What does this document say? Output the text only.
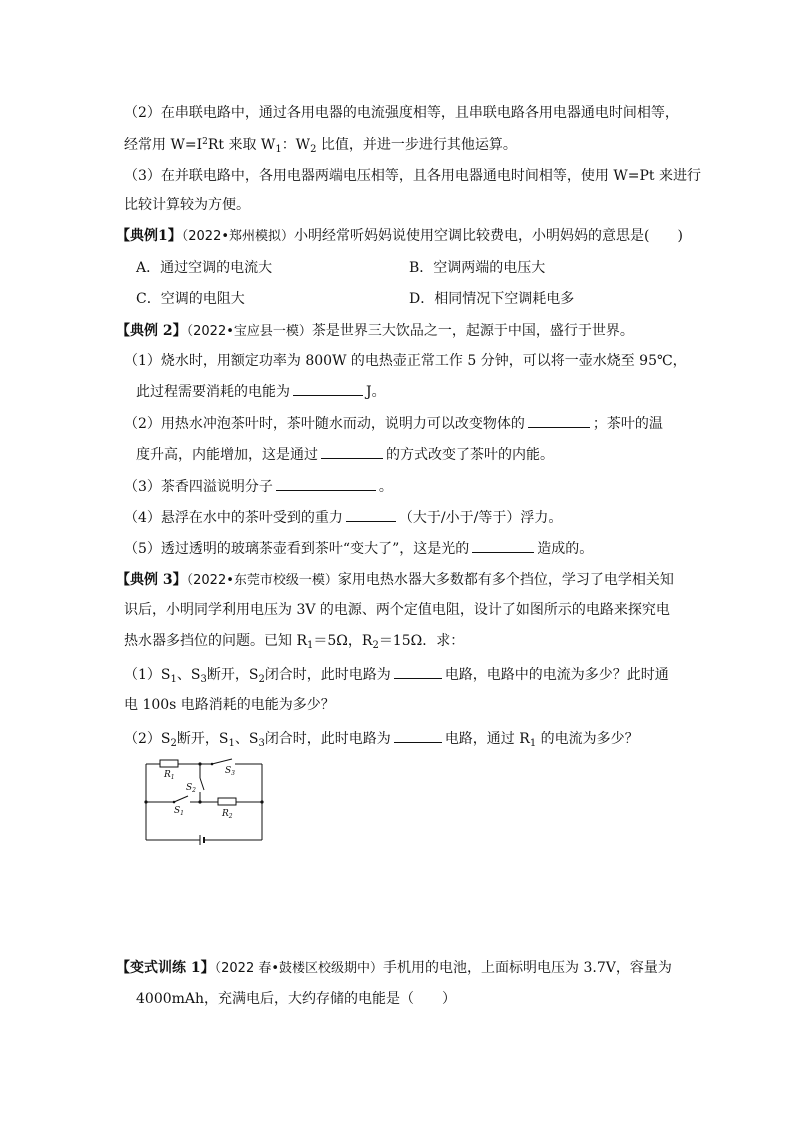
（2）在串联电路中，通过各用电器的电流强度相等，且串联电路各用电器通电时间相等，
经常用 $W=I^2Rt$ 来取 $W_1$：$W_2$ 比值，并进一步进行其他运算。
（3）在并联电路中，各用电器两端电压相等，且各用电器通电时间相等，使用 W=Pt 来进行
比较计算较为方便。
【典例1】（2022•郑州模拟）小明经常听妈妈说使用空调比较费电，小明妈妈的意思是(　　)
A．通过空调的电流大	B．空调两端的电压大
C．空调的电阻大	D．相同情况下空调耗电多
【典例 2】（2022•宝应县一模）茶是世界三大饮品之一，起源于中国，盛行于世界。
（1）烧水时，用额定功率为 800W 的电热壶正常工作 5 分钟，可以将一壶水烧至 95℃，
此过程需要消耗的电能为	J。
（2）用热水冲泡茶叶时，茶叶随水而动，说明力可以改变物体的	；茶叶的温
度升高，内能增加，这是通过	的方式改变了茶叶的内能。
（3）茶香四溢说明分子	。
（4）悬浮在水中的茶叶受到的重力	（大于/小于/等于）浮力。
（5）透过透明的玻璃茶壶看到茶叶“变大了”，这是光的	造成的。
【典例 3】（2022•东莞市校级一模）家用电热水器大多数都有多个挡位，学习了电学相关知
识后，小明同学利用电压为 3V 的电源、两个定值电阻，设计了如图所示的电路来探究电
热水器多挡位的问题。已知 $R_1=5\Omega$，$R_2=15\Omega$．求：
$(1)S_1$、$S_3$断开，$S_2$闭合时，此时电路为	电路，电路中的电流为多少？此时通
电 100s 电路消耗的电能为多少？
$(2)S_2$断开，$S_1$、$S_3$闭合时，此时电路为	电路，通过 $R_1$ 的电流为多少？
$R_1$
$S_3$
$S_2$
$S_1$	$R_2$
【变式训练 1】（2022 春•鼓楼区校级期中）手机用的电池，上面标明电压为 3.7V，容量为
4000mAh，充满电后，大约存储的电能是（　　）
